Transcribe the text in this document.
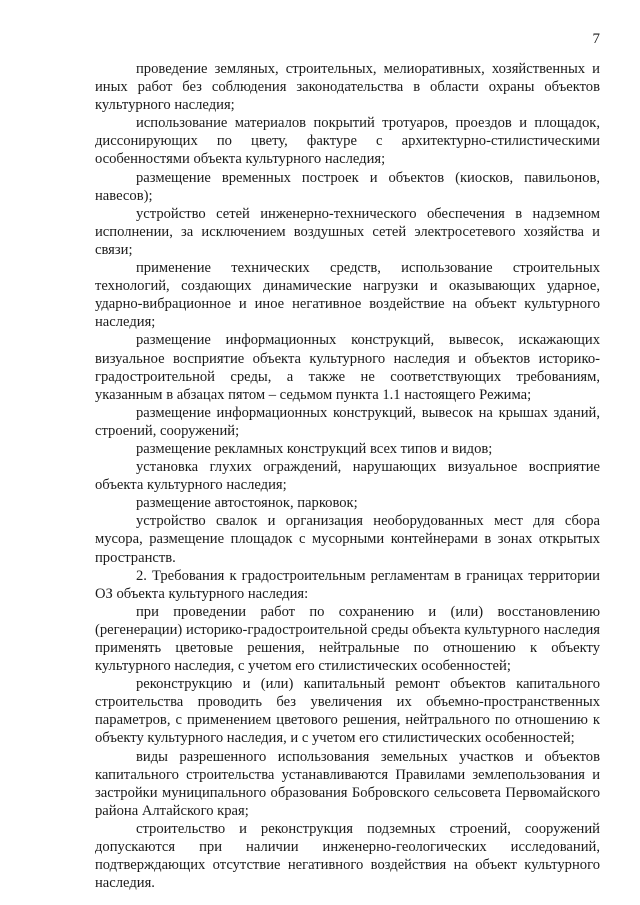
7

проведение земляных, строительных, мелиоративных, хозяйственных и иных работ без соблюдения законодательства в области охраны объектов культурного наследия;

использование материалов покрытий тротуаров, проездов и площадок, диссонирующих по цвету, фактуре с архитектурно-стилистическими особенностями объекта культурного наследия;

размещение временных построек и объектов (киосков, павильонов, навесов);

устройство сетей инженерно-технического обеспечения в надземном исполнении, за исключением воздушных сетей электросетевого хозяйства и связи;

применение технических средств, использование строительных технологий, создающих динамические нагрузки и оказывающих ударное, ударно-вибрационное и иное негативное воздействие на объект культурного наследия;

размещение информационных конструкций, вывесок, искажающих визуальное восприятие объекта культурного наследия и объектов историко-градостроительной среды, а также не соответствующих требованиям, указанным в абзацах пятом – седьмом пункта 1.1 настоящего Режима;

размещение информационных конструкций, вывесок на крышах зданий, строений, сооружений;

размещение рекламных конструкций всех типов и видов;

установка глухих ограждений, нарушающих визуальное восприятие объекта культурного наследия;

размещение автостоянок, парковок;

устройство свалок и организация необорудованных мест для сбора мусора, размещение площадок с мусорными контейнерами в зонах открытых пространств.

2. Требования к градостроительным регламентам в границах территории ОЗ объекта культурного наследия:

при проведении работ по сохранению и (или) восстановлению (регенерации) историко-градостроительной среды объекта культурного наследия применять цветовые решения, нейтральные по отношению к объекту культурного наследия, с учетом его стилистических особенностей;

реконструкцию и (или) капитальный ремонт объектов капитального строительства проводить без увеличения их объемно-пространственных параметров, с применением цветового решения, нейтрального по отношению к объекту культурного наследия, и с учетом его стилистических особенностей;

виды разрешенного использования земельных участков и объектов капитального строительства устанавливаются Правилами землепользования и застройки муниципального образования Бобровского сельсовета Первомайского района Алтайского края;

строительство и реконструкция подземных строений, сооружений допускаются при наличии инженерно-геологических исследований, подтверждающих отсутствие негативного воздействия на объект культурного наследия.
